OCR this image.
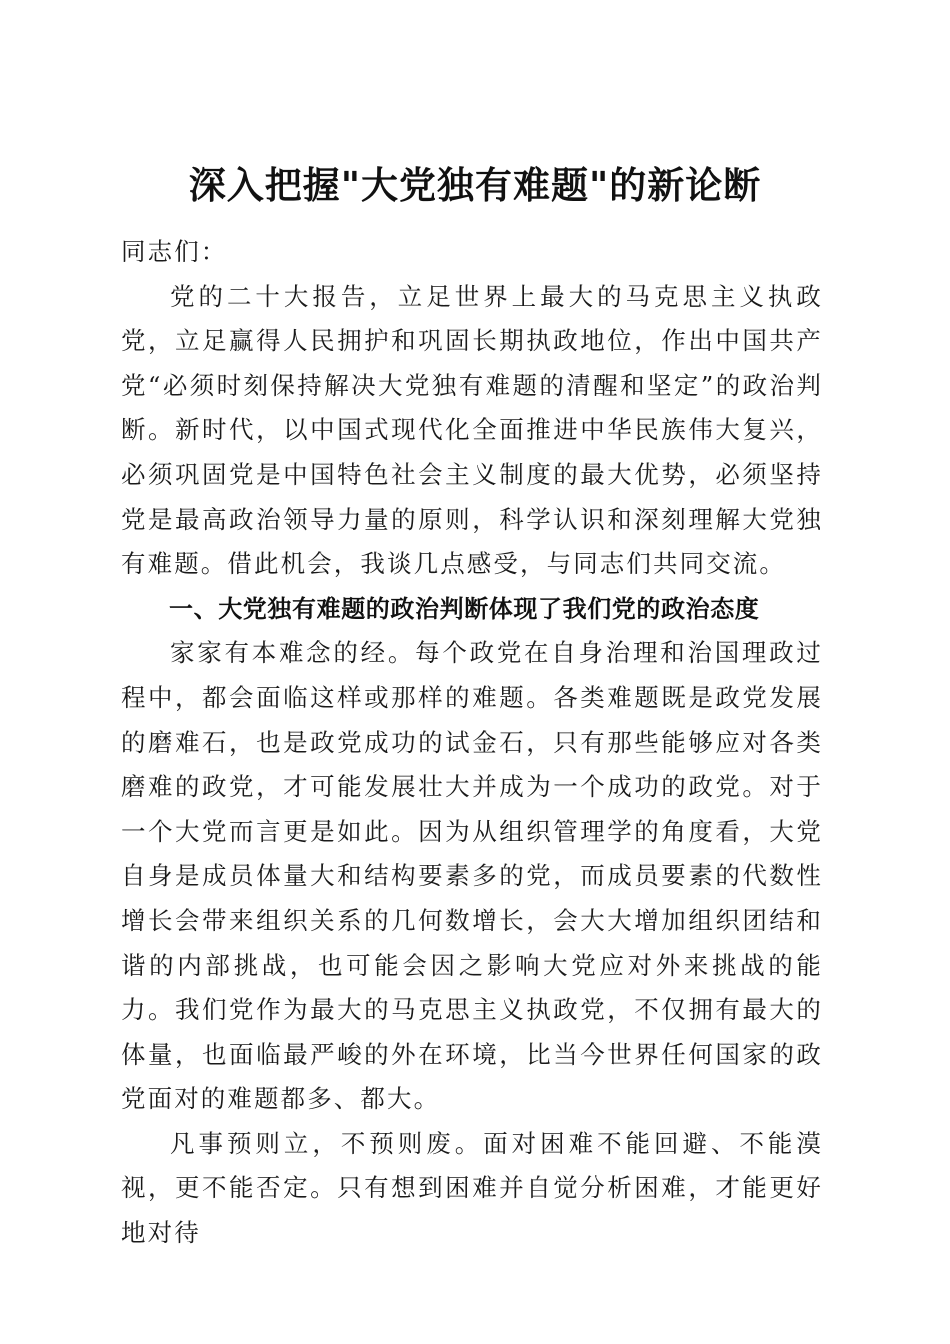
深入把握"大党独有难题"的新论断

同志们：

党的二十大报告，立足世界上最大的马克思主义执政党，立足赢得人民拥护和巩固长期执政地位，作出中国共产党“必须时刻保持解决大党独有难题的清醒和坚定”的政治判断。新时代，以中国式现代化全面推进中华民族伟大复兴，必须巩固党是中国特色社会主义制度的最大优势，必须坚持党是最高政治领导力量的原则，科学认识和深刻理解大党独有难题。借此机会，我谈几点感受，与同志们共同交流。

一、大党独有难题的政治判断体现了我们党的政治态度

家家有本难念的经。每个政党在自身治理和治国理政过程中，都会面临这样或那样的难题。各类难题既是政党发展的磨难石，也是政党成功的试金石，只有那些能够应对各类磨难的政党，才可能发展壮大并成为一个成功的政党。对于一个大党而言更是如此。因为从组织管理学的角度看，大党自身是成员体量大和结构要素多的党，而成员要素的代数性增长会带来组织关系的几何数增长，会大大增加组织团结和谐的内部挑战，也可能会因之影响大党应对外来挑战的能力。我们党作为最大的马克思主义执政党，不仅拥有最大的体量，也面临最严峻的外在环境，比当今世界任何国家的政党面对的难题都多、都大。

凡事预则立，不预则废。面对困难不能回避、不能漠视，更不能否定。只有想到困难并自觉分析困难，才能更好地对待
